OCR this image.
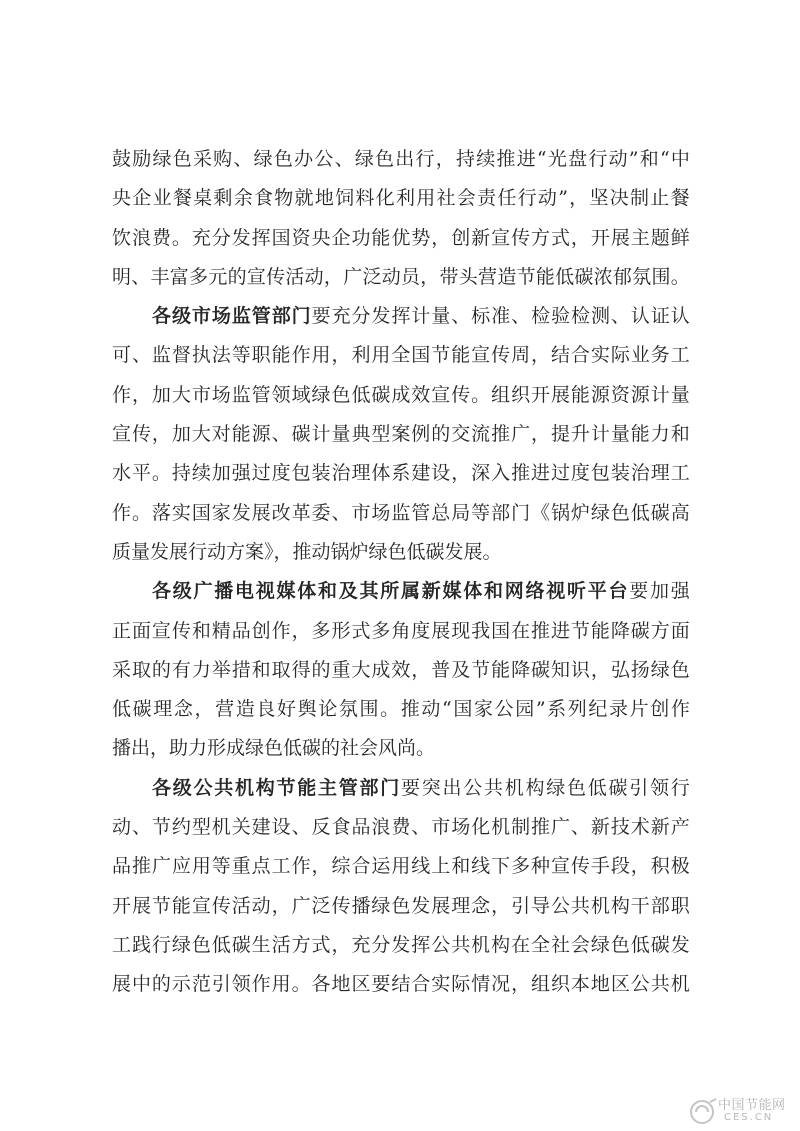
鼓 励 绿 色 采 购 、 绿 色 办 公 、 绿 色 出 行 ， 持 续 推 进 “ 光 盘 行 动 ” 和 “ 中
央 企 业 餐 桌 剩 余 食 物 就 地 饲 料 化 利 用 社 会 责 任 行 动 ” ， 坚 决 制 止 餐
饮 浪 费 。 充 分 发 挥 国 资 央 企 功 能 优 势 ， 创 新 宣 传 方 式 ， 开 展 主 题 鲜
明 、 丰 富 多 元 的 宣 传 活 动 ， 广 泛 动 员 ， 带 头 营 造 节 能 低 碳 浓 郁 氛 围 。
各 级 市 场 监 管 部 门 要 充 分 发 挥 计 量 、 标 准 、 检 验 检 测 、 认 证 认
可 、 监 督 执 法 等 职 能 作 用 ， 利 用 全 国 节 能 宣 传 周 ， 结 合 实 际 业 务 工
作 ， 加 大 市 场 监 管 领 域 绿 色 低 碳 成 效 宣 传 。 组 织 开 展 能 源 资 源 计 量
宣 传 ， 加 大 对 能 源 、 碳 计 量 典 型 案 例 的 交 流 推 广 ， 提 升 计 量 能 力 和
水 平 。 持 续 加 强 过 度 包 装 治 理 体 系 建 设 ， 深 入 推 进 过 度 包 装 治 理 工
作 。 落 实 国 家 发 展 改 革 委 、 市 场 监 管 总 局 等 部 门 《 锅 炉 绿 色 低 碳 高
质量发展行动方案》，推动锅炉绿色低碳发展。
各 级 广 播 电 视 媒 体 和 及 其 所 属 新 媒 体 和 网 络 视 听 平 台 要 加 强
正 面 宣 传 和 精 品 创 作 ， 多 形 式 多 角 度 展 现 我 国 在 推 进 节 能 降 碳 方 面
采 取 的 有 力 举 措 和 取 得 的 重 大 成 效 ， 普 及 节 能 降 碳 知 识 ， 弘 扬 绿 色
低 碳 理 念 ， 营 造 良 好 舆 论 氛 围 。 推 动 “ 国 家 公 园 ” 系 列 纪 录 片 创 作
播出，助力形成绿色低碳的社会风尚。
各 级 公 共 机 构 节 能 主 管 部 门 要 突 出 公 共 机 构 绿 色 低 碳 引 领 行
动 、 节 约 型 机 关 建 设 、 反 食 品 浪 费 、 市 场 化 机 制 推 广 、 新 技 术 新 产
品 推 广 应 用 等 重 点 工 作 ， 综 合 运 用 线 上 和 线 下 多 种 宣 传 手 段 ， 积 极
开 展 节 能 宣 传 活 动 ， 广 泛 传 播 绿 色 发 展 理 念 ， 引 导 公 共 机 构 干 部 职
工 践 行 绿 色 低 碳 生 活 方 式 ， 充 分 发 挥 公 共 机 构 在 全 社 会 绿 色 低 碳 发
展 中 的 示 范 引 领 作 用 。 各 地 区 要 结 合 实 际 情 况 ， 组 织 本 地 区 公 共 机
中国节能网
CES.CN
